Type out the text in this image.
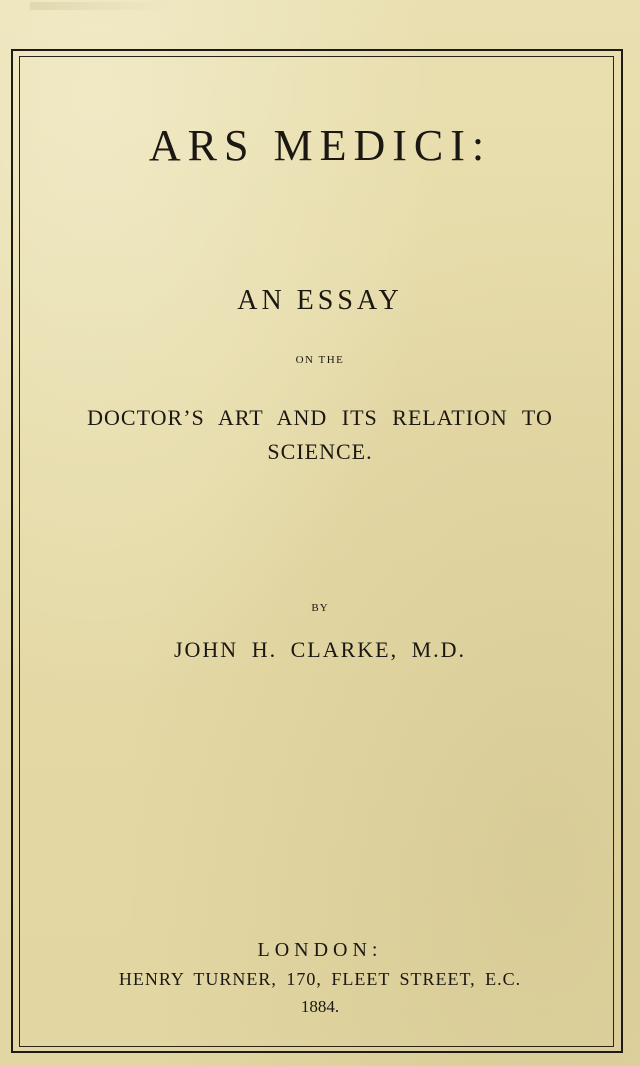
ARS MEDICI:
AN ESSAY
ON THE
DOCTOR’S ART AND ITS RELATION TO
SCIENCE.
BY
JOHN H. CLARKE, M.D.
LONDON:
HENRY TURNER, 170, FLEET STREET, E.C.
1884.
